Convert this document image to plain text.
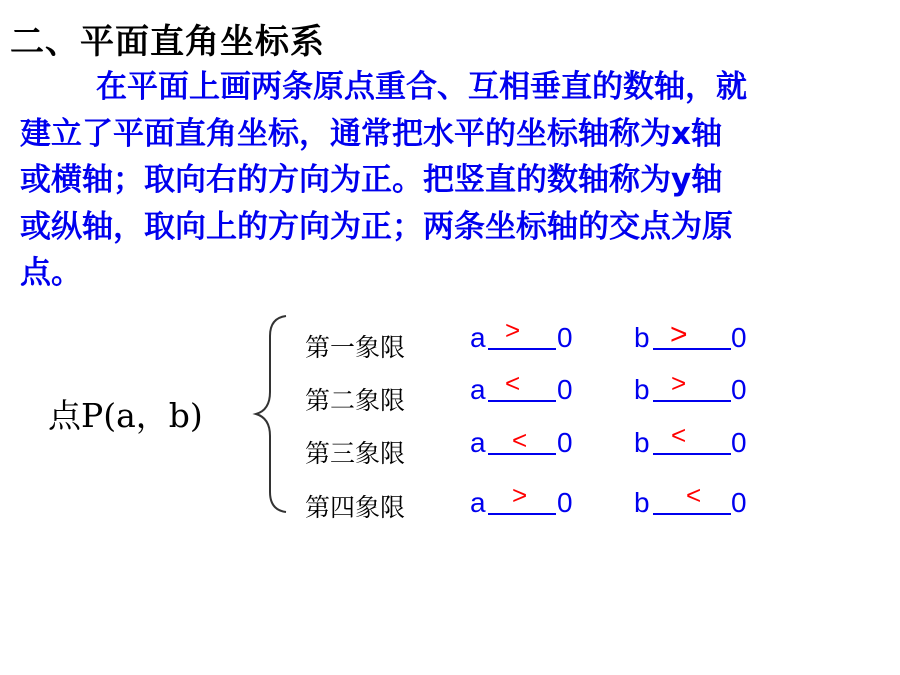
二、平面直角坐标系
在平面上画两条原点重合、互相垂直的数轴，就
建立了平面直角坐标，通常把水平的坐标轴称为x轴
或横轴；取向右的方向为正。把竖直的数轴称为y轴
或纵轴，取向上的方向为正；两条坐标轴的交点为原
点。
点P(a，b)
第一象限 a > 0 b > 0
第二象限 a < 0 b > 0
第三象限 a < 0 b < 0
第四象限 a > 0 b < 0
